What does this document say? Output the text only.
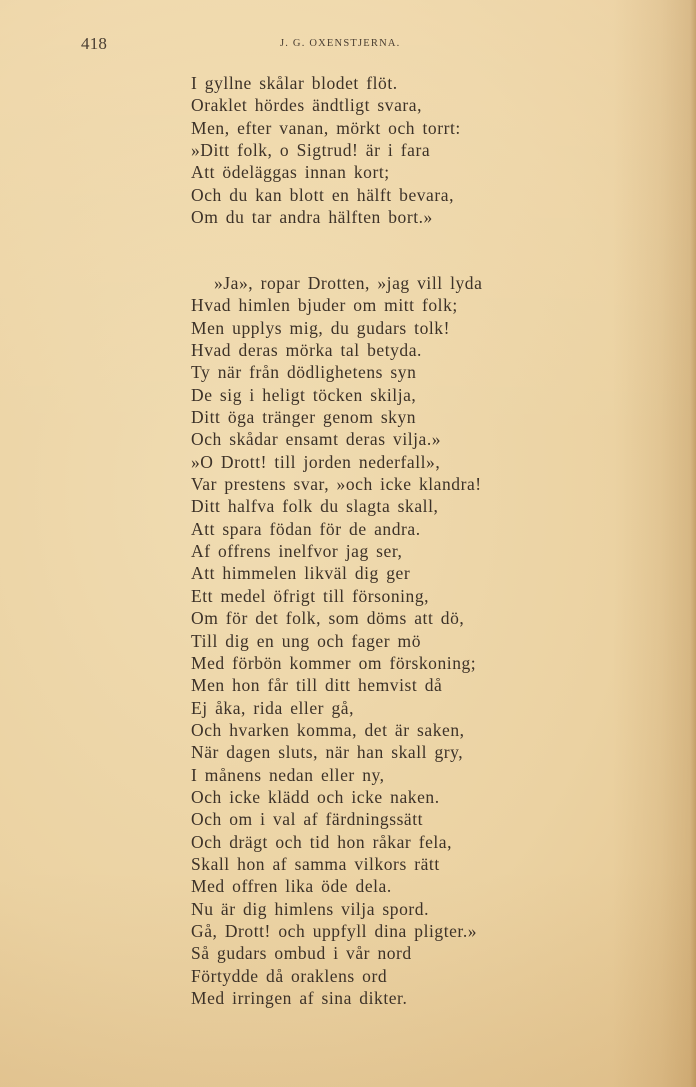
418	J. G. OXENSTJERNA.
I gyllne skålar blodet flöt.
Oraklet hördes ändtligt svara,
Men, efter vanan, mörkt och torrt:
»Ditt folk, o Sigtrud! är i fara
Att ödeläggas innan kort;
Och du kan blott en hälft bevara,
Om du tar andra hälften bort.»
»Ja», ropar Drotten, »jag vill lyda
Hvad himlen bjuder om mitt folk;
Men upplys mig, du gudars tolk!
Hvad deras mörka tal betyda.
Ty när från dödlighetens syn
De sig i heligt töcken skilja,
Ditt öga tränger genom skyn
Och skådar ensamt deras vilja.»
»O Drott! till jorden nederfall»,
Var prestens svar, »och icke klandra!
Ditt halfva folk du slagta skall,
Att spara födan för de andra.
Af offrens inelfvor jag ser,
Att himmelen likväl dig ger
Ett medel öfrigt till försoning,
Om för det folk, som döms att dö,
Till dig en ung och fager mö
Med förbön kommer om förskoning;
Men hon får till ditt hemvist då
Ej åka, rida eller gå,
Och hvarken komma, det är saken,
När dagen sluts, när han skall gry,
I månens nedan eller ny,
Och icke klädd och icke naken.
Och om i val af färdningssätt
Och drägt och tid hon råkar fela,
Skall hon af samma vilkors rätt
Med offren lika öde dela.
Nu är dig himlens vilja spord.
Gå, Drott! och uppfyll dina pligter.»
Så gudars ombud i vår nord
Förtydde då oraklens ord
Med irringen af sina dikter.
